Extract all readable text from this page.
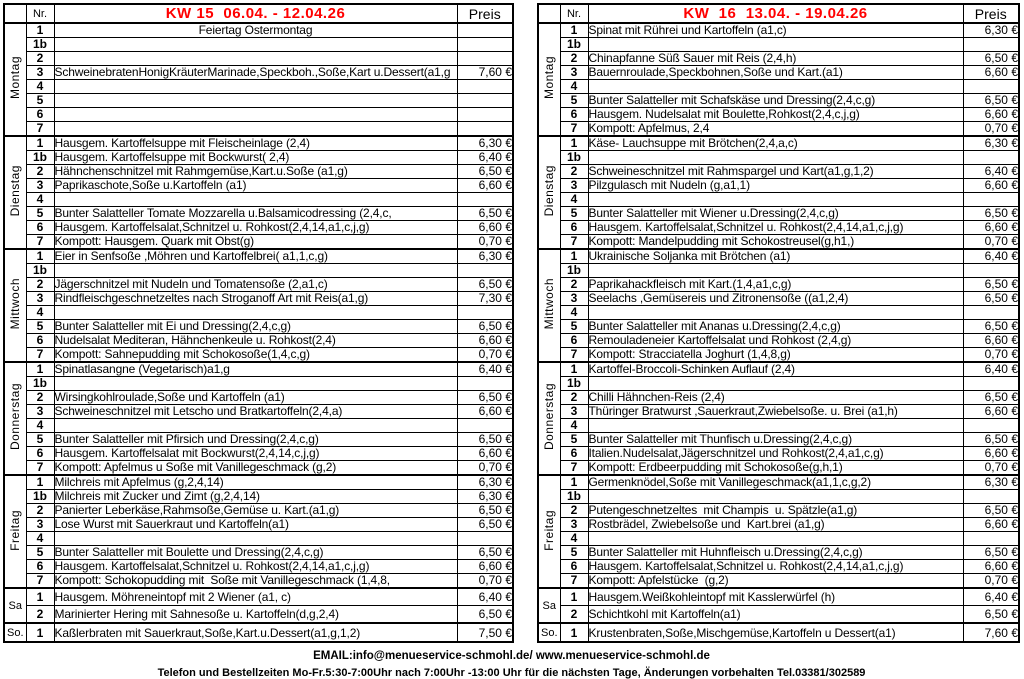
	Nr.	KW 15  06.04. - 12.04.26	Preis
Montag	1	Feiertag Ostermontag	
	1b		
	2		
	3	SchweinebratenHonigKräuterMarinade,Speckboh.,Soße,Kart u.Dessert(a1,g	7,60 €
	4		
	5		
	6		
	7		
Dienstag	1	Hausgem. Kartoffelsuppe mit Fleischeinlage (2,4)	6,30 €
	1b	Hausgem. Kartoffelsuppe mit Bockwurst( 2,4)	6,40 €
	2	Hähnchenschnitzel mit Rahmgemüse,Kart.u.Soße (a1,g)	6,50 €
	3	Paprikaschote,Soße u.Kartoffeln (a1)	6,60 €
	4		
	5	Bunter Salatteller Tomate Mozzarella u.Balsamicodressing (2,4,c,	6,50 €
	6	Hausgem. Kartoffelsalat,Schnitzel u. Rohkost(2,4,14,a1,c,j,g)	6,60 €
	7	Kompott: Hausgem. Quark mit Obst(g)	0,70 €
Mittwoch	1	Eier in Senfsoße ,Möhren und Kartoffelbrei( a1,1,c,g)	6,30 €
	1b		
	2	Jägerschnitzel mit Nudeln und Tomatensoße (2,a1,c)	6,50 €
	3	Rindfleischgeschnetzeltes nach Stroganoff Art mit Reis(a1,g)	7,30 €
	4		
	5	Bunter Salatteller mit Ei und Dressing(2,4,c,g)	6,50 €
	6	Nudelsalat Mediteran, Hähnchenkeule u. Rohkost(2,4)	6,60 €
	7	Kompott: Sahnepudding mit Schokosoße(1,4,c,g)	0,70 €
Donnerstag	1	Spinatlasangne (Vegetarisch)a1,g	6,40 €
	1b		
	2	Wirsingkohlroulade,Soße und Kartoffeln (a1)	6,50 €
	3	Schweineschnitzel mit Letscho und Bratkartoffeln(2,4,a)	6,60 €
	4		
	5	Bunter Salatteller mit Pfirsich und Dressing(2,4,c,g)	6,50 €
	6	Hausgem. Kartoffelsalat mit Bockwurst(2,4,14,c,j,g)	6,60 €
	7	Kompott: Apfelmus u Soße mit Vanillegeschmack (g,2)	0,70 €
Freitag	1	Milchreis mit Apfelmus (g,2,4,14)	6,30 €
	1b	Milchreis mit Zucker und Zimt (g,2,4,14)	6,30 €
	2	Panierter Leberkäse,Rahmsoße,Gemüse u. Kart.(a1,g)	6,50 €
	3	Lose Wurst mit Sauerkraut und Kartoffeln(a1)	6,50 €
	4		
	5	Bunter Salatteller mit Boulette und Dressing(2,4,c,g)	6,50 €
	6	Hausgem. Kartoffelsalat,Schnitzel u. Rohkost(2,4,14,a1,c,j,g)	6,60 €
	7	Kompott: Schokopudding mit  Soße mit Vanillegeschmack (1,4,8,	0,70 €
Sa	1	Hausgem. Möhreneintopf mit 2 Wiener (a1, c)	6,40 €
	2	Marinierter Hering mit Sahnesoße u. Kartoffeln(d,g,2,4)	6,50 €
So.	1	Kaßlerbraten mit Sauerkraut,Soße,Kart.u.Dessert(a1,g,1,2)	7,50 €
	Nr.	KW  16  13.04. - 19.04.26	Preis
Montag	1	Spinat mit Rührei und Kartoffeln (a1,c)	6,30 €
	1b		
	2	Chinapfanne Süß Sauer mit Reis (2,4,h)	6,50 €
	3	Bauernroulade,Speckbohnen,Soße und Kart.(a1)	6,60 €
	4		
	5	Bunter Salatteller mit Schafskäse und Dressing(2,4,c,g)	6,50 €
	6	Hausgem. Nudelsalat mit Boulette,Rohkost(2,4,c,j,g)	6,60 €
	7	Kompott: Apfelmus, 2,4	0,70 €
Dienstag	1	Käse- Lauchsuppe mit Brötchen(2,4,a,c)	6,30 €
	1b		
	2	Schweineschnitzel mit Rahmspargel und Kart(a1,g,1,2)	6,40 €
	3	Pilzgulasch mit Nudeln (g,a1,1)	6,60 €
	4		
	5	Bunter Salatteller mit Wiener u.Dressing(2,4,c,g)	6,50 €
	6	Hausgem. Kartoffelsalat,Schnitzel u. Rohkost(2,4,14,a1,c,j,g)	6,60 €
	7	Kompott: Mandelpudding mit Schokostreusel(g,h1,)	0,70 €
Mittwoch	1	Ukrainische Soljanka mit Brötchen (a1)	6,40 €
	1b		
	2	Paprikahackfleisch mit Kart.(1,4,a1,c,g)	6,50 €
	3	Seelachs ,Gemüsereis und Zitronensoße ((a1,2,4)	6,50 €
	4		
	5	Bunter Salatteller mit Ananas u.Dressing(2,4,c,g)	6,50 €
	6	Remouladeneier Kartoffelsalat und Rohkost (2,4,g)	6,60 €
	7	Kompott: Stracciatella Joghurt (1,4,8,g)	0,70 €
Donnerstag	1	Kartoffel-Broccoli-Schinken Auflauf (2,4)	6,40 €
	1b		
	2	Chilli Hähnchen-Reis (2,4)	6,50 €
	3	Thüringer Bratwurst ,Sauerkraut,Zwiebelsoße. u. Brei (a1,h)	6,60 €
	4		
	5	Bunter Salatteller mit Thunfisch u.Dressing(2,4,c,g)	6,50 €
	6	Italien.Nudelsalat,Jägerschnitzel und Rohkost(2,4,a1,c,g)	6,60 €
	7	Kompott: Erdbeerpudding mit Schokosoße(g,h,1)	0,70 €
Freitag	1	Germenknödel,Soße mit Vanillegeschmack(a1,1,c,g,2)	6,30 €
	1b		
	2	Putengeschnetzeltes  mit Champis  u. Spätzle(a1,g)	6,50 €
	3	Rostbrädel, Zwiebelsoße und  Kart.brei (a1,g)	6,60 €
	4		
	5	Bunter Salatteller mit Huhnfleisch u.Dressing(2,4,c,g)	6,50 €
	6	Hausgem. Kartoffelsalat,Schnitzel u. Rohkost(2,4,14,a1,c,j,g)	6,60 €
	7	Kompott: Apfelstücke  (g,2)	0,70 €
Sa	1	Hausgem.Weißkohleintopf mit Kasslerwürfel (h)	6,40 €
	2	Schichtkohl mit Kartoffeln(a1)	6,50 €
So.	1	Krustenbraten,Soße,Mischgemüse,Kartoffeln u Dessert(a1)	7,60 €
EMAIL:info@menueservice-schmohl.de/ www.menueservice-schmohl.de
Telefon und Bestellzeiten Mo-Fr.5:30-7:00Uhr nach 7:00Uhr -13:00 Uhr für die nächsten Tage, Änderungen vorbehalten Tel.03381/302589
